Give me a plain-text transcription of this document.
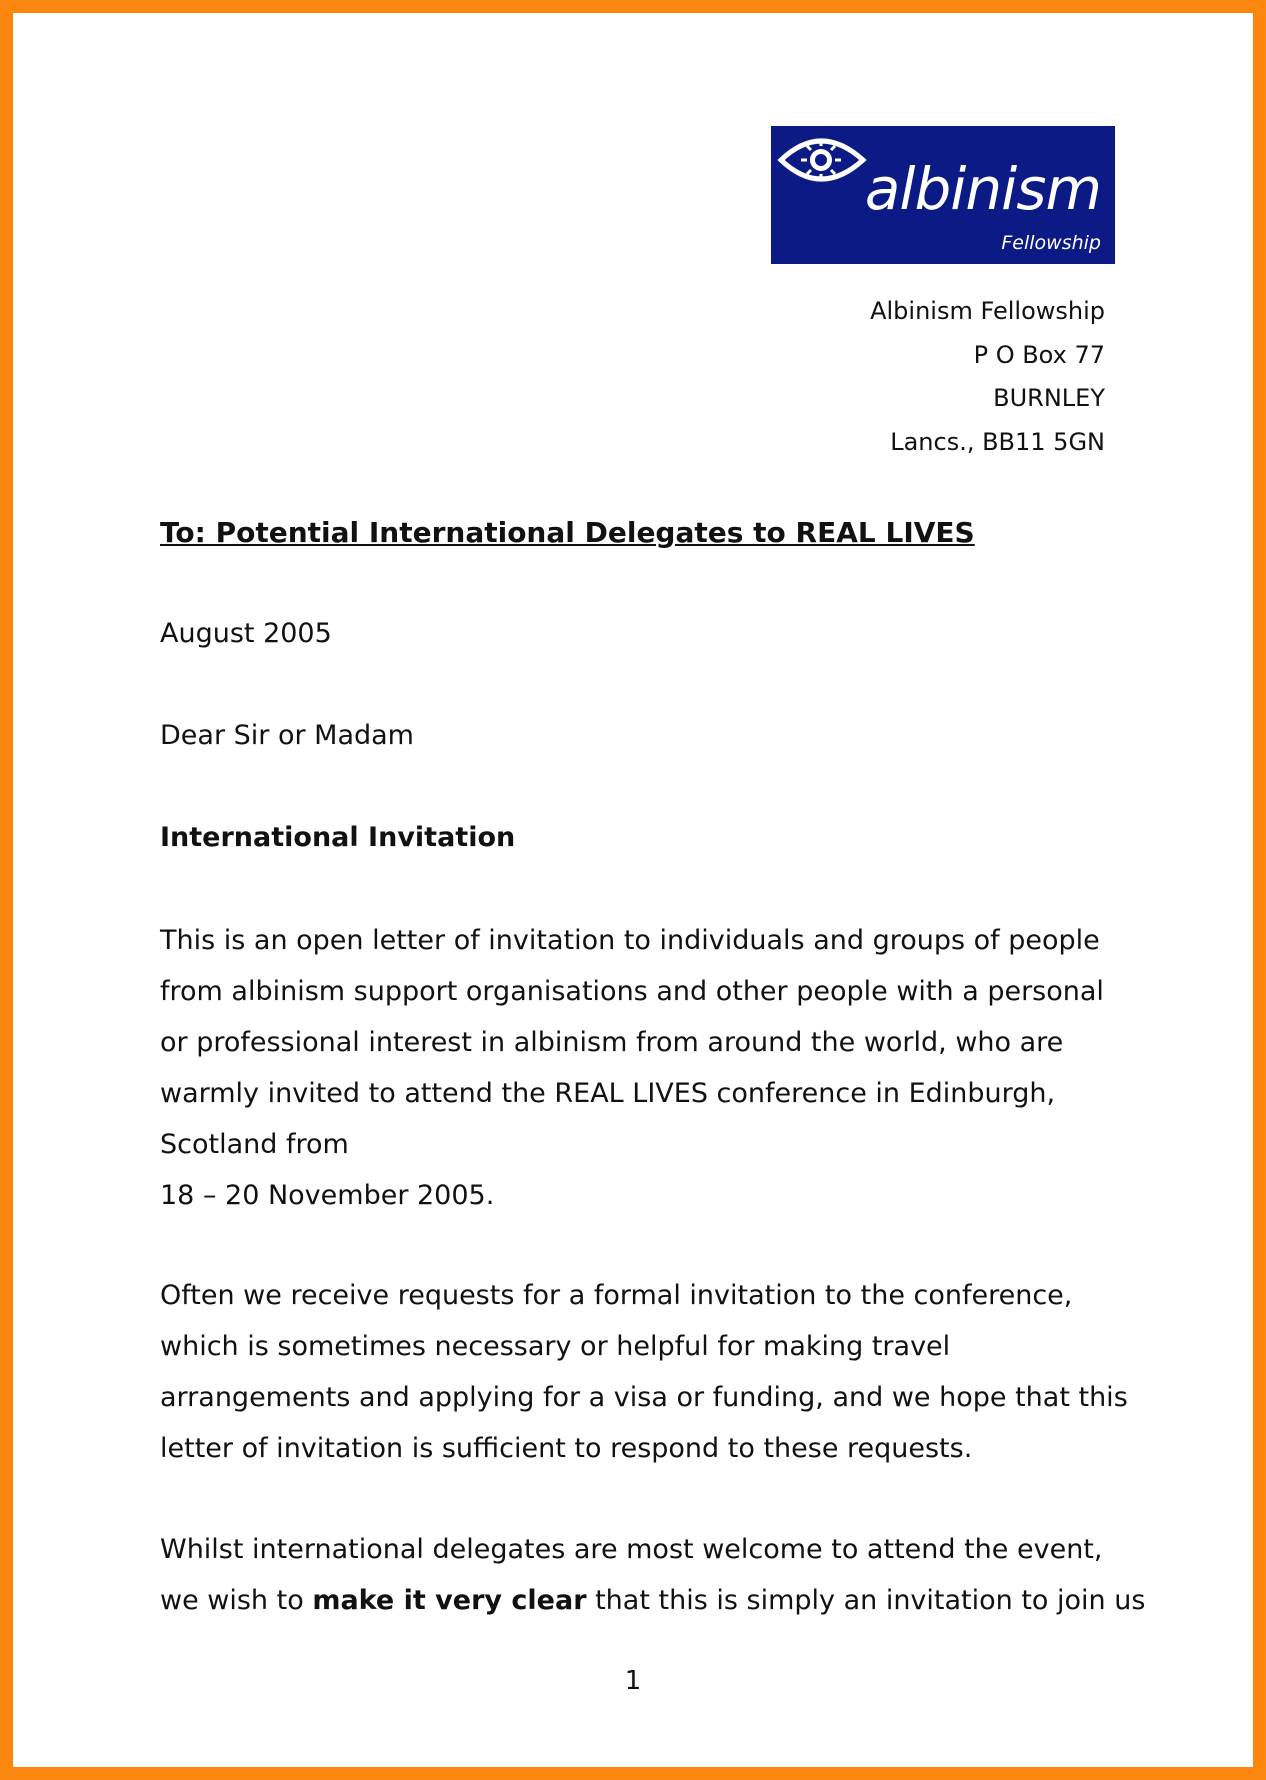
albinism
Fellowship
Albinism Fellowship
P O Box 77
BURNLEY
Lancs., BB11 5GN
To: Potential International Delegates to REAL LIVES
August 2005
Dear Sir or Madam
International Invitation
This is an open letter of invitation to individuals and groups of people
from albinism support organisations and other people with a personal
or professional interest in albinism from around the world, who are
warmly invited to attend the REAL LIVES conference in Edinburgh,
Scotland from
18 – 20 November 2005.
Often we receive requests for a formal invitation to the conference,
which is sometimes necessary or helpful for making travel
arrangements and applying for a visa or funding, and we hope that this
letter of invitation is sufficient to respond to these requests.
Whilst international delegates are most welcome to attend the event,
we wish to make it very clear that this is simply an invitation to join us
1
